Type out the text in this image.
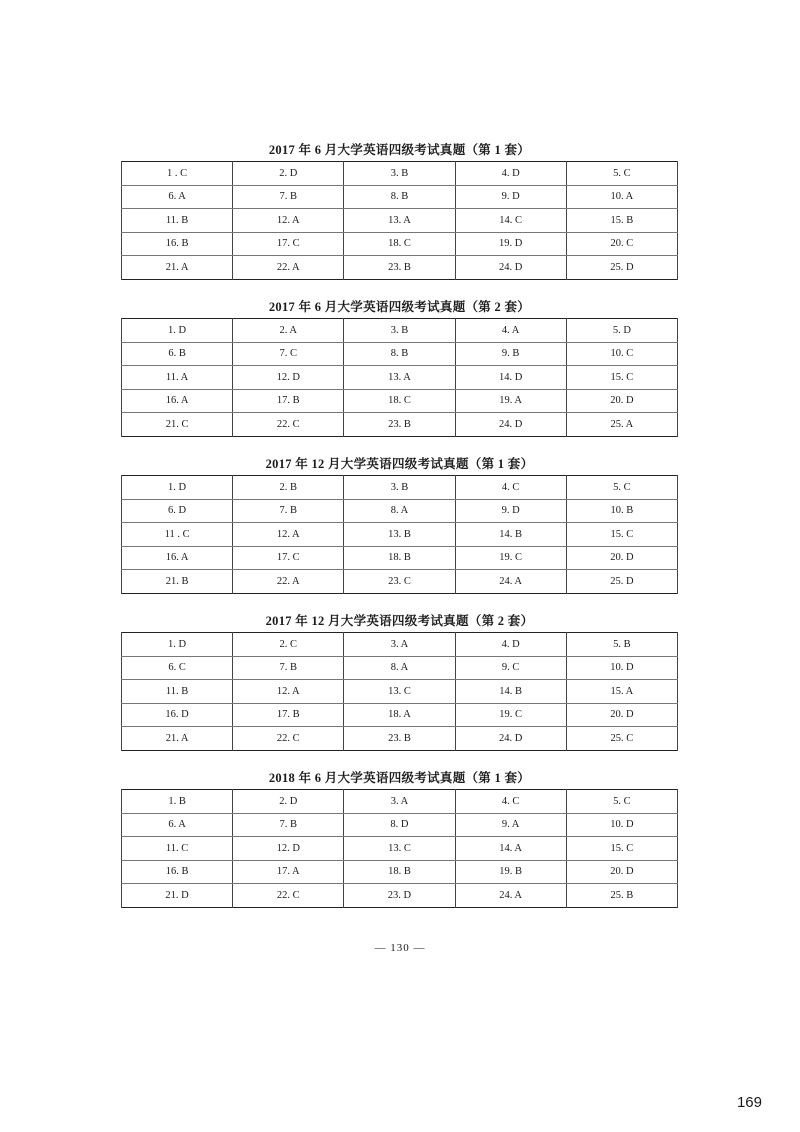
2017 年 6 月大学英语四级考试真题（第 1 套）
1 . C	2. D	3. B	4. D	5. C
6. A	7. B	8. B	9. D	10. A
11. B	12. A	13. A	14. C	15. B
16. B	17. C	18. C	19. D	20. C
21. A	22. A	23. B	24. D	25. D
2017 年 6 月大学英语四级考试真题（第 2 套）
1. D	2. A	3. B	4. A	5. D
6. B	7. C	8. B	9. B	10. C
11. A	12. D	13. A	14. D	15. C
16. A	17. B	18. C	19. A	20. D
21. C	22. C	23. B	24. D	25. A
2017 年 12 月大学英语四级考试真题（第 1 套）
1. D	2. B	3. B	4. C	5. C
6. D	7. B	8. A	9. D	10. B
11 . C	12. A	13. B	14. B	15. C
16. A	17. C	18. B	19. C	20. D
21. B	22. A	23. C	24. A	25. D
2017 年 12 月大学英语四级考试真题（第 2 套）
1. D	2. C	3. A	4. D	5. B
6. C	7. B	8. A	9. C	10. D
11. B	12. A	13. C	14. B	15. A
16. D	17. B	18. A	19. C	20. D
21. A	22. C	23. B	24. D	25. C
2018 年 6 月大学英语四级考试真题（第 1 套）
1. B	2. D	3. A	4. C	5. C
6. A	7. B	8. D	9. A	10. D
11. C	12. D	13. C	14. A	15. C
16. B	17. A	18. B	19. B	20. D
21. D	22. C	23. D	24. A	25. B
— 130 —
169
